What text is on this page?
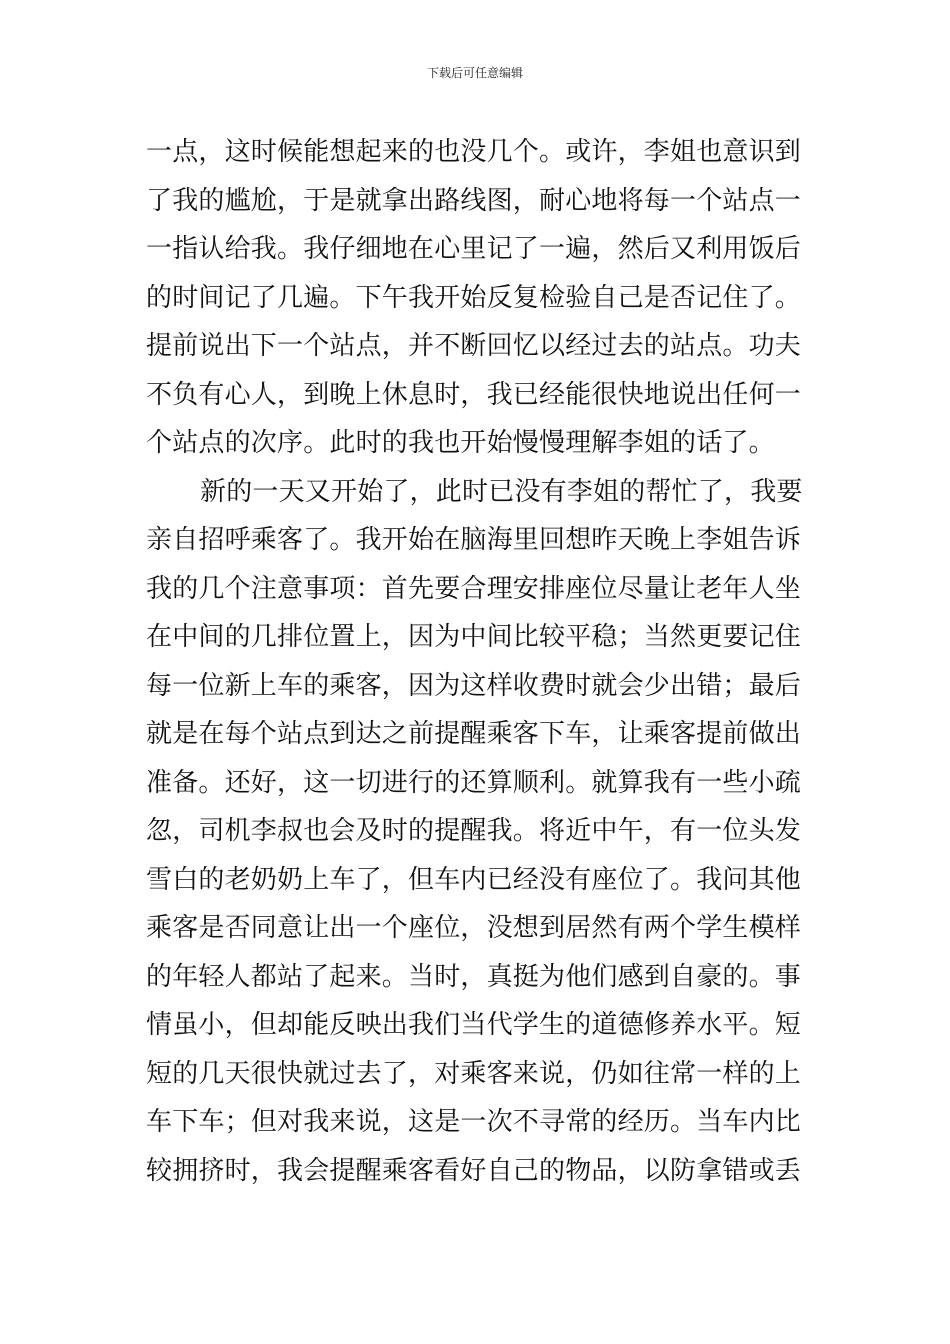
下载后可任意编辑

一点，这时候能想起来的也没几个。或许，李姐也意识到
了我的尴尬，于是就拿出路线图，耐心地将每一个站点一
一指认给我。我仔细地在心里记了一遍，然后又利用饭后
的时间记了几遍。下午我开始反复检验自己是否记住了。
提前说出下一个站点，并不断回忆以经过去的站点。功夫
不负有心人，到晚上休息时，我已经能很快地说出任何一
个站点的次序。此时的我也开始慢慢理解李姐的话了。

新的一天又开始了，此时已没有李姐的帮忙了，我要
亲自招呼乘客了。我开始在脑海里回想昨天晚上李姐告诉
我的几个注意事项：首先要合理安排座位尽量让老年人坐
在中间的几排位置上，因为中间比较平稳；当然更要记住
每一位新上车的乘客，因为这样收费时就会少出错；最后
就是在每个站点到达之前提醒乘客下车，让乘客提前做出
准备。还好，这一切进行的还算顺利。就算我有一些小疏
忽，司机李叔也会及时的提醒我。将近中午，有一位头发
雪白的老奶奶上车了，但车内已经没有座位了。我问其他
乘客是否同意让出一个座位，没想到居然有两个学生模样
的年轻人都站了起来。当时，真挺为他们感到自豪的。事
情虽小，但却能反映出我们当代学生的道德修养水平。短
短的几天很快就过去了，对乘客来说，仍如往常一样的上
车下车；但对我来说，这是一次不寻常的经历。当车内比
较拥挤时，我会提醒乘客看好自己的物品，以防拿错或丢
